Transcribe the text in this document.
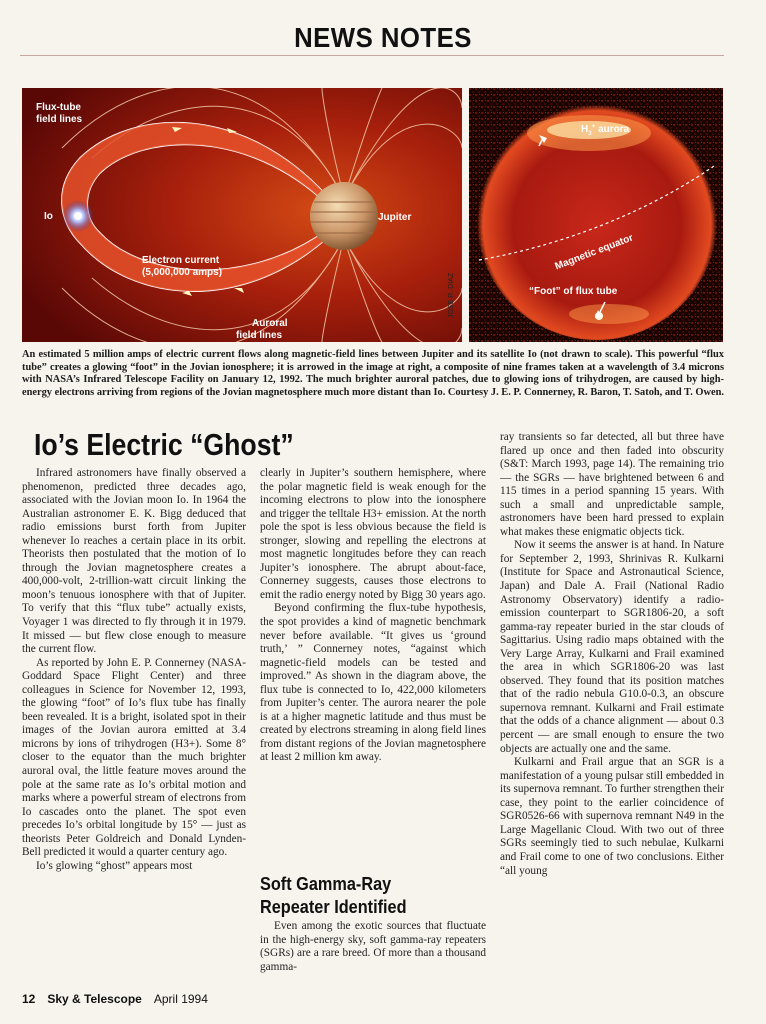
NEWS NOTES
Flux-tube
field lines
Io	Jupiter
Electron current
(5,000,000 amps)
Auroral
field lines
JOSE R. DIAZ
$H_3^+$ aurora
Magnetic equator
“Foot” of flux tube
An estimated 5 million amps of electric current flows along magnetic-field lines between Jupiter and its satellite Io (not drawn to scale). This powerful “flux tube” creates a glowing “foot” in the Jovian ionosphere; it is arrowed in the image at right, a composite of nine frames taken at a wavelength of 3.4 microns with NASA’s Infrared Telescope Facility on January 12, 1992. The much brighter auroral patches, due to glowing ions of trihydrogen, are caused by high-energy electrons arriving from regions of the Jovian magnetosphere much more distant than Io. Courtesy J. E. P. Connerney, R. Baron, T. Satoh, and T. Owen.
Io’s Electric “Ghost”

Infrared astronomers have finally observed a phenomenon, predicted three decades ago, associated with the Jovian moon Io. In 1964 the Australian astronomer E. K. Bigg deduced that radio emissions burst forth from Jupiter whenever Io reaches a certain place in its orbit. Theorists then postulated that the motion of Io through the Jovian magnetosphere creates a 400,000-volt, 2-trillion-watt circuit linking the moon’s tenuous ionosphere with that of Jupiter. To verify that this “flux tube” actually exists, Voyager 1 was directed to fly through it in 1979. It missed — but flew close enough to measure the current flow.

As reported by John E. P. Connerney (NASA-Goddard Space Flight Center) and three colleagues in Science for November 12, 1993, the glowing “foot” of Io’s flux tube has finally been revealed. It is a bright, isolated spot in their images of the Jovian aurora emitted at 3.4 microns by ions of trihydrogen (H3+). Some 8° closer to the equator than the much brighter auroral oval, the little feature moves around the pole at the same rate as Io’s orbital motion and marks where a powerful stream of electrons from Io cascades onto the planet. The spot even precedes Io’s orbital longitude by 15° — just as theorists Peter Goldreich and Donald Lynden-Bell predicted it would a quarter century ago.

Io’s glowing “ghost” appears most

clearly in Jupiter’s southern hemisphere, where the polar magnetic field is weak enough for the incoming electrons to plow into the ionosphere and trigger the telltale H3+ emission. At the north pole the spot is less obvious because the field is stronger, slowing and repelling the electrons at most magnetic longitudes before they can reach Jupiter’s ionosphere. The abrupt about-face, Connerney suggests, causes those electrons to emit the radio energy noted by Bigg 30 years ago.

Beyond confirming the flux-tube hypothesis, the spot provides a kind of magnetic benchmark never before available. “It gives us ‘ground truth,’ ” Connerney notes, “against which magnetic-field models can be tested and improved.” As shown in the diagram above, the flux tube is connected to Io, 422,000 kilometers from Jupiter’s center. The aurora nearer the pole is at a higher magnetic latitude and thus must be created by electrons streaming in along field lines from distant regions of the Jovian magnetosphere at least 2 million km away.

Soft Gamma-Ray Repeater Identified

Even among the exotic sources that fluctuate in the high-energy sky, soft gamma-ray repeaters (SGRs) are a rare breed. Of more than a thousand gamma-

ray transients so far detected, all but three have flared up once and then faded into obscurity (S&T: March 1993, page 14). The remaining trio — the SGRs — have brightened between 6 and 115 times in a period spanning 15 years. With such a small and unpredictable sample, astronomers have been hard pressed to explain what makes these enigmatic objects tick.

Now it seems the answer is at hand. In Nature for September 2, 1993, Shrinivas R. Kulkarni (Institute for Space and Astronautical Science, Japan) and Dale A. Frail (National Radio Astronomy Observatory) identify a radio-emission counterpart to SGR1806-20, a soft gamma-ray repeater buried in the star clouds of Sagittarius. Using radio maps obtained with the Very Large Array, Kulkarni and Frail examined the area in which SGR1806-20 was last observed. They found that its position matches that of the radio nebula G10.0-0.3, an obscure supernova remnant. Kulkarni and Frail estimate that the odds of a chance alignment — about 0.3 percent — are small enough to ensure the two objects are actually one and the same.

Kulkarni and Frail argue that an SGR is a manifestation of a young pulsar still embedded in its supernova remnant. To further strengthen their case, they point to the earlier coincidence of SGR0526-66 with supernova remnant N49 in the Large Magellanic Cloud. With two out of three SGRs seemingly tied to such nebulae, Kulkarni and Frail come to one of two conclusions. Either “all young

12 Sky & Telescope April 1994
